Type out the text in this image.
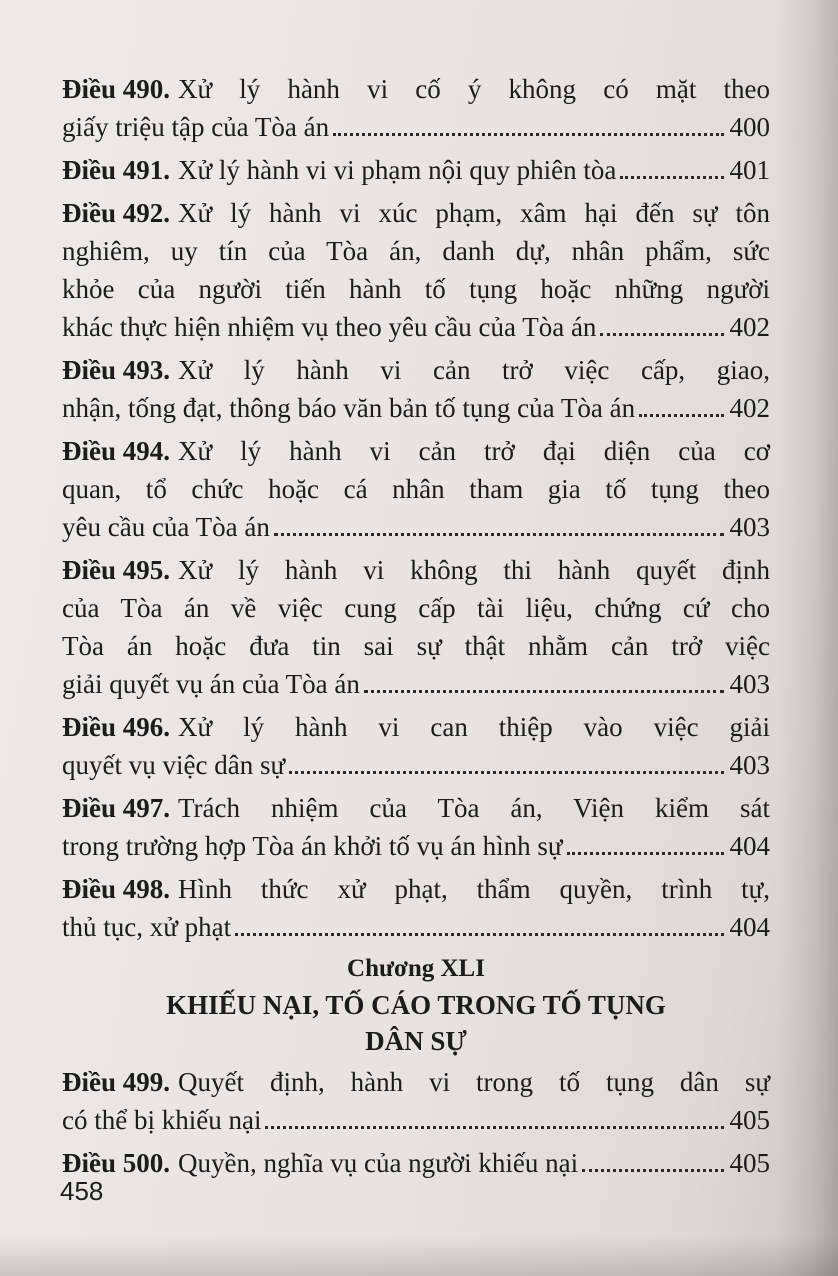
Điều 490. Xử lý hành vi cố ý không có mặt theo
giấy triệu tập của Tòa án	400
Điều 491. Xử lý hành vi vi phạm nội quy phiên tòa	401
Điều 492. Xử lý hành vi xúc phạm, xâm hại đến sự tôn
nghiêm, uy tín của Tòa án, danh dự, nhân phẩm, sức
khỏe của người tiến hành tố tụng hoặc những người
khác thực hiện nhiệm vụ theo yêu cầu của Tòa án	402
Điều 493. Xử lý hành vi cản trở việc cấp, giao,
nhận, tống đạt, thông báo văn bản tố tụng của Tòa án	402
Điều 494. Xử lý hành vi cản trở đại diện của cơ
quan, tổ chức hoặc cá nhân tham gia tố tụng theo
yêu cầu của Tòa án	403
Điều 495. Xử lý hành vi không thi hành quyết định
của Tòa án về việc cung cấp tài liệu, chứng cứ cho
Tòa án hoặc đưa tin sai sự thật nhằm cản trở việc
giải quyết vụ án của Tòa án	403
Điều 496. Xử lý hành vi can thiệp vào việc giải
quyết vụ việc dân sự	403
Điều 497. Trách nhiệm của Tòa án, Viện kiểm sát
trong trường hợp Tòa án khởi tố vụ án hình sự	404
Điều 498. Hình thức xử phạt, thẩm quyền, trình tự,
thủ tục, xử phạt	404
Chương XLI
KHIẾU NẠI, TỐ CÁO TRONG TỐ TỤNG
DÂN SỰ
Điều 499. Quyết định, hành vi trong tố tụng dân sự
có thể bị khiếu nại	405
Điều 500. Quyền, nghĩa vụ của người khiếu nại	405
458
